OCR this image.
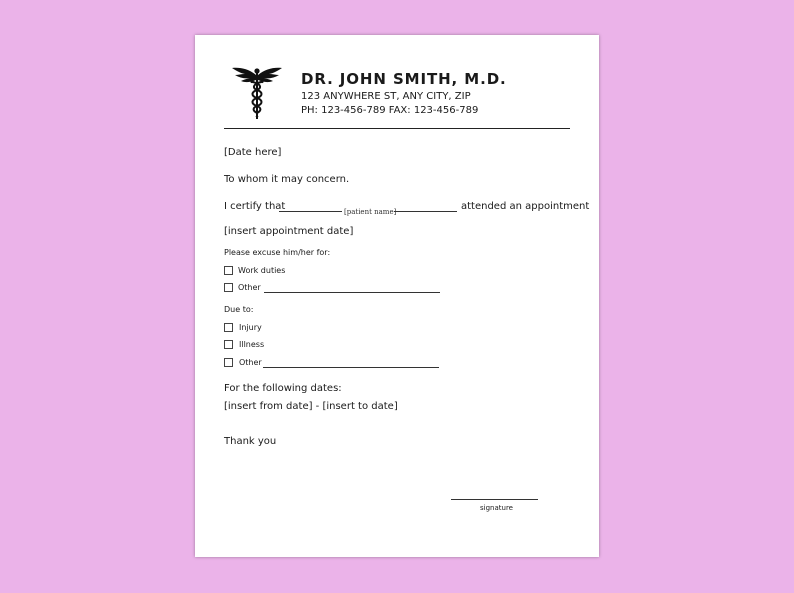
DR. JOHN SMITH, M.D.
123 ANYWHERE ST, ANY CITY, ZIP
PH: 123-456-789 FAX: 123-456-789
[Date here]
To whom it may concern.
I certify that	[patient name]	attended an appointment
[insert appointment date]
Please excuse him/her for:
Work duties
Other
Due to:
Injury
Illness
Other
For the following dates:
[insert from date] - [insert to date]
Thank you
signature
